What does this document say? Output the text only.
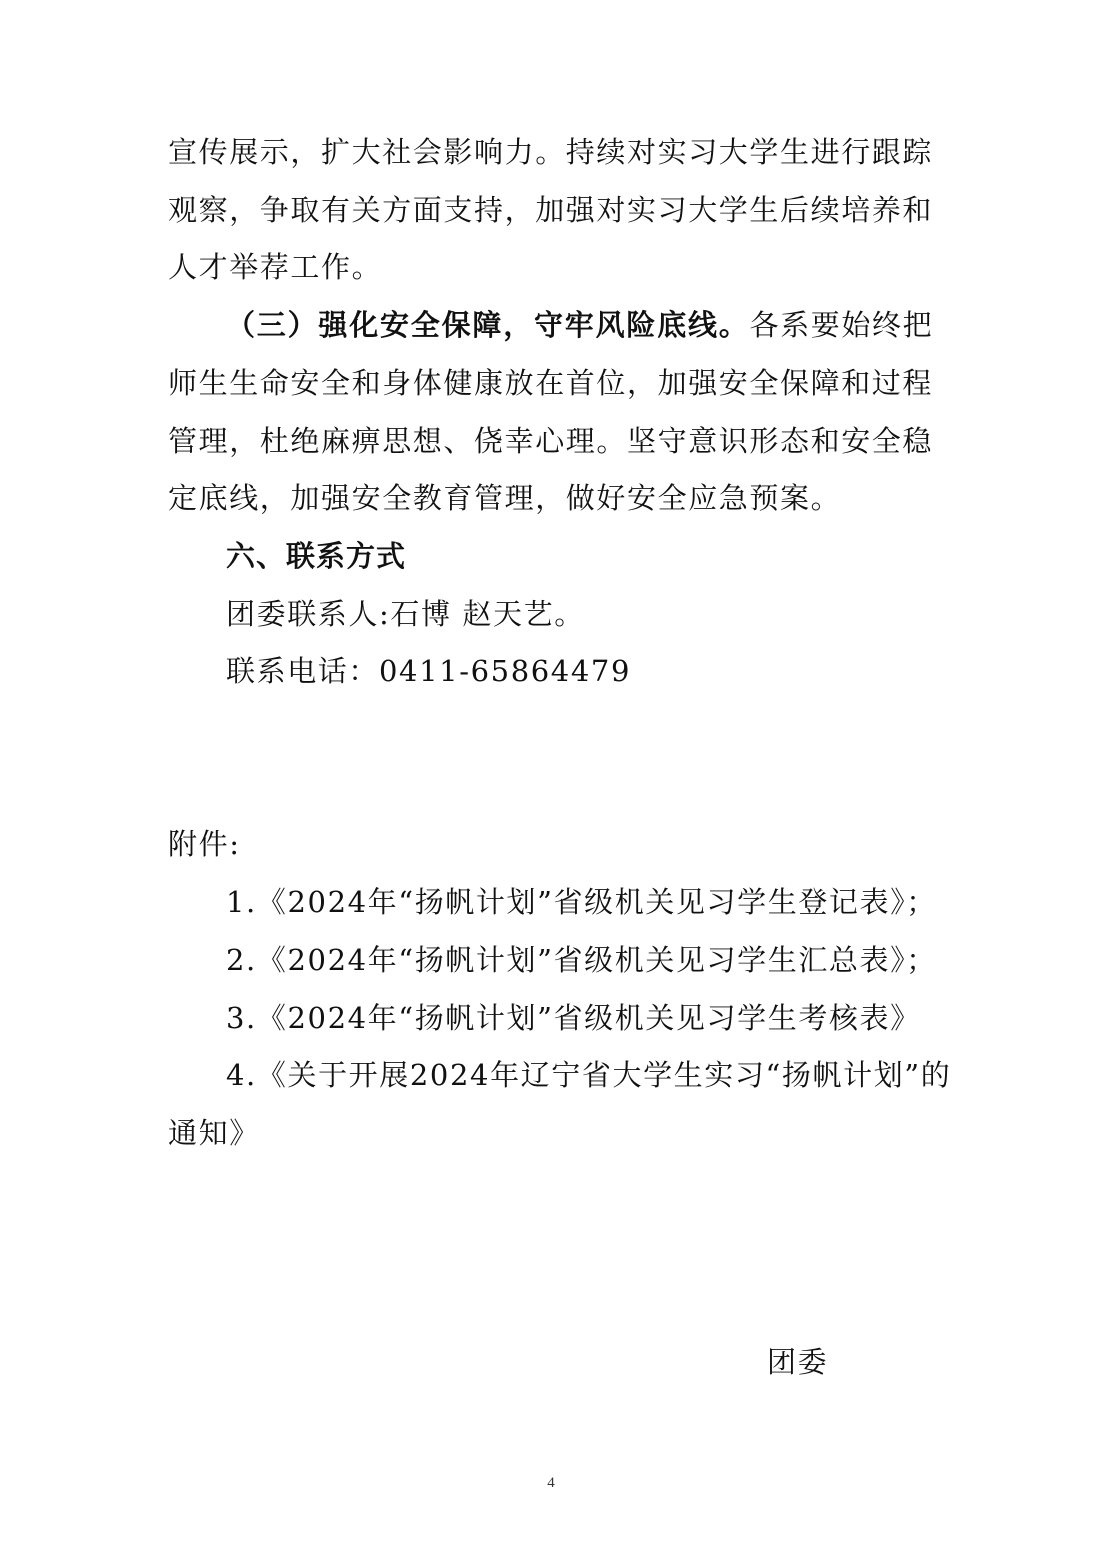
宣传展示，扩大社会影响力。持续对实习大学生进行跟踪
观察，争取有关方面支持，加强对实习大学生后续培养和
人才举荐工作。
（三）强化安全保障，守牢风险底线。各系要始终把
师生生命安全和身体健康放在首位，加强安全保障和过程
管理，杜绝麻痹思想、侥幸心理。坚守意识形态和安全稳
定底线，加强安全教育管理，做好安全应急预案。
六、联系方式
团委联系人:石博 赵天艺。
联系电话：0411-65864479
附件:
1.《2024年“扬帆计划”省级机关见习学生登记表》；
2.《2024年“扬帆计划”省级机关见习学生汇总表》；
3.《2024年“扬帆计划”省级机关见习学生考核表》
4.《关于开展2024年辽宁省大学生实习“扬帆计划”的
通知》
团委
4
